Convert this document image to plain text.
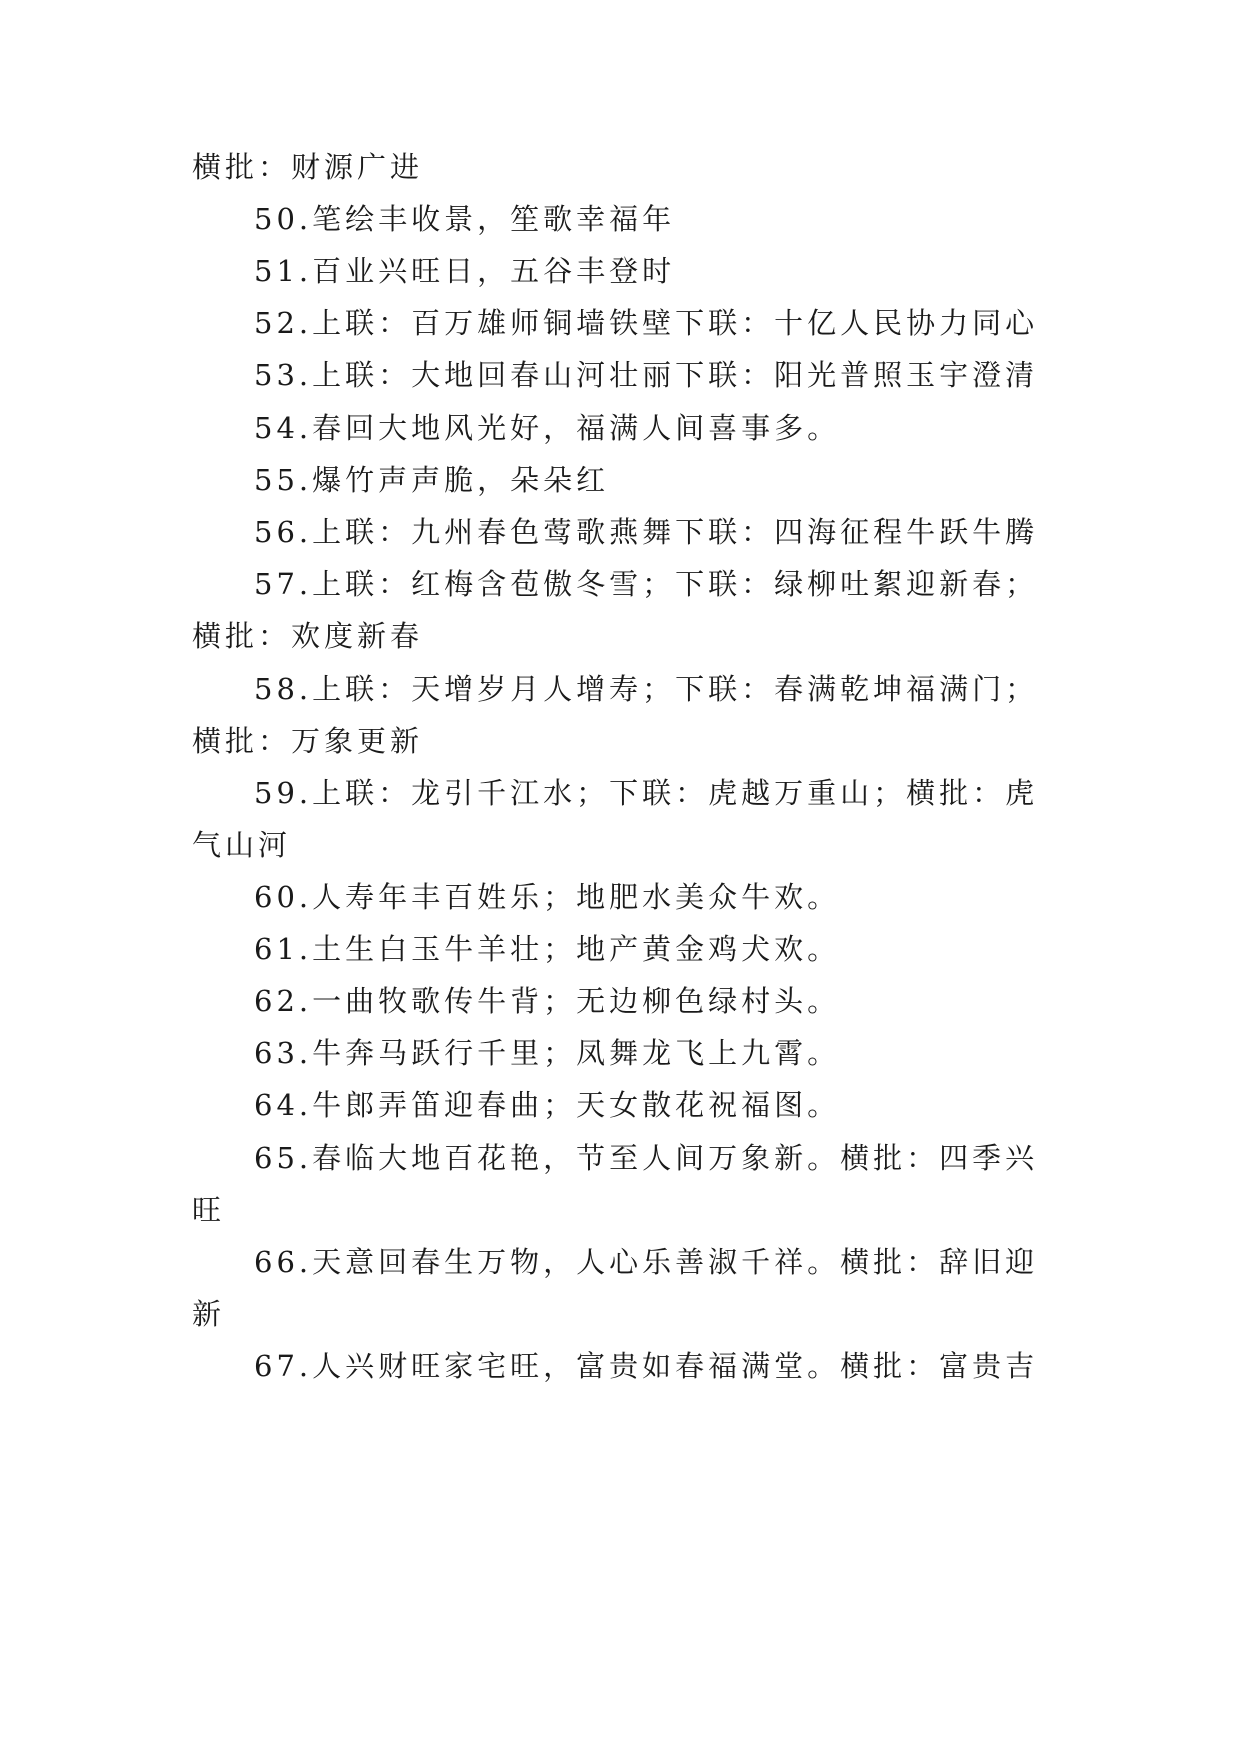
横批：财源广进
50.笔绘丰收景，笙歌幸福年
51.百业兴旺日，五谷丰登时
52.上联：百万雄师铜墙铁壁下联：十亿人民协力同心
53.上联：大地回春山河壮丽下联：阳光普照玉宇澄清
54.春回大地风光好，福满人间喜事多。
55.爆竹声声脆，朵朵红
56.上联：九州春色莺歌燕舞下联：四海征程牛跃牛腾
57.上联：红梅含苞傲冬雪；下联：绿柳吐絮迎新春；
横批：欢度新春
58.上联：天增岁月人增寿；下联：春满乾坤福满门；
横批：万象更新
59.上联：龙引千江水；下联：虎越万重山；横批：虎
气山河
60.人寿年丰百姓乐；地肥水美众牛欢。
61.土生白玉牛羊壮；地产黄金鸡犬欢。
62.一曲牧歌传牛背；无边柳色绿村头。
63.牛奔马跃行千里；凤舞龙飞上九霄。
64.牛郎弄笛迎春曲；天女散花祝福图。
65.春临大地百花艳，节至人间万象新。横批：四季兴
旺
66.天意回春生万物，人心乐善淑千祥。横批：辞旧迎
新
67.人兴财旺家宅旺，富贵如春福满堂。横批：富贵吉
